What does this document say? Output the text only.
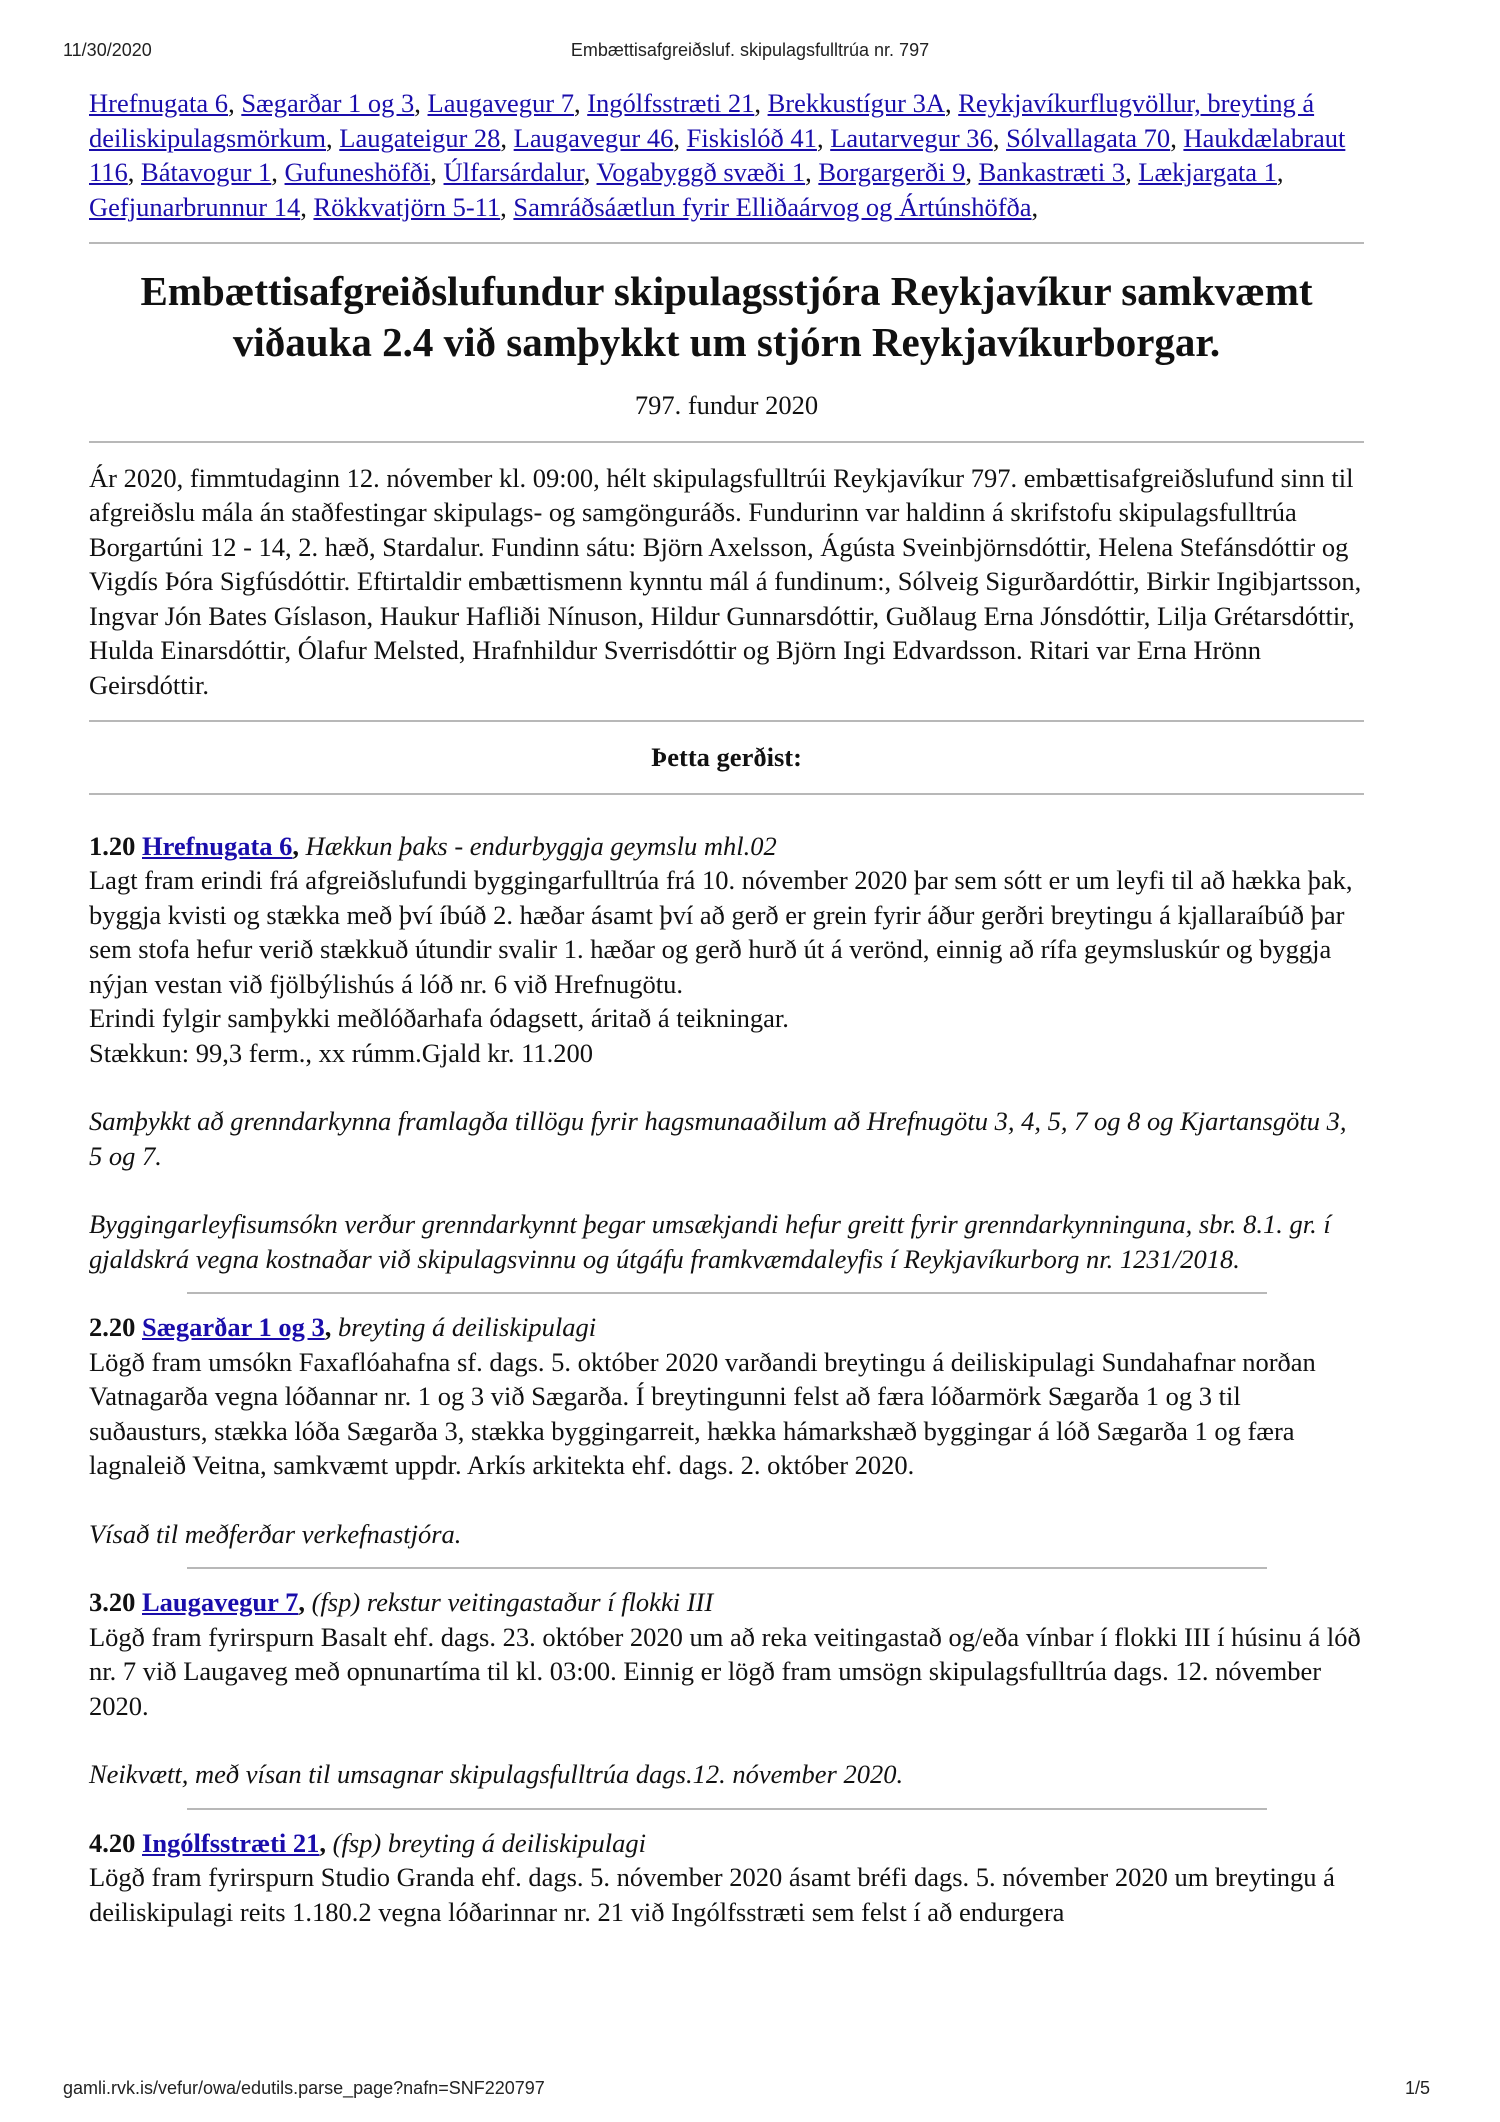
11/30/2020	Embættisafgreiðsluf. skipulagsfulltrúa nr. 797

Hrefnugata 6, Sægarðar 1 og 3, Laugavegur 7, Ingólfsstræti 21, Brekkustígur 3A, Reykjavíkurflugvöllur, breyting á deiliskipulagsmörkum, Laugateigur 28, Laugavegur 46, Fiskislóð 41, Lautarvegur 36, Sólvallagata 70, Haukdælabraut 116, Bátavogur 1, Gufuneshöfði, Úlfarsárdalur, Vogabyggð svæði 1, Borgargerði 9, Bankastræti 3, Lækjargata 1, Gefjunarbrunnur 14, Rökkvatjörn 5-11, Samráðsáætlun fyrir Elliðaárvog og Ártúnshöfða,

Embættisafgreiðslufundur skipulagsstjóra Reykjavíkur samkvæmt viðauka 2.4 við samþykkt um stjórn Reykjavíkurborgar.

797. fundur 2020

Ár 2020, fimmtudaginn 12. nóvember kl. 09:00, hélt skipulagsfulltrúi Reykjavíkur 797. embættisafgreiðslufund sinn til afgreiðslu mála án staðfestingar skipulags- og samgönguráðs. Fundurinn var haldinn á skrifstofu skipulagsfulltrúa Borgartúni 12 - 14, 2. hæð, Stardalur. Fundinn sátu: Björn Axelsson, Ágústa Sveinbjörnsdóttir, Helena Stefánsdóttir og Vigdís Þóra Sigfúsdóttir. Eftirtaldir embættismenn kynntu mál á fundinum:, Sólveig Sigurðardóttir, Birkir Ingibjartsson, Ingvar Jón Bates Gíslason, Haukur Hafliði Nínuson, Hildur Gunnarsdóttir, Guðlaug Erna Jónsdóttir, Lilja Grétarsdóttir, Hulda Einarsdóttir, Ólafur Melsted, Hrafnhildur Sverrisdóttir og Björn Ingi Edvardsson. Ritari var Erna Hrönn Geirsdóttir.

Þetta gerðist:

1.20 Hrefnugata 6, Hækkun þaks - endurbyggja geymslu mhl.02

Lagt fram erindi frá afgreiðslufundi byggingarfulltrúa frá 10. nóvember 2020 þar sem sótt er um leyfi til að hækka þak, byggja kvisti og stækka með því íbúð 2. hæðar ásamt því að gerð er grein fyrir áður gerðri breytingu á kjallaraíbúð þar sem stofa hefur verið stækkuð útundir svalir 1. hæðar og gerð hurð út á verönd, einnig að rífa geymsluskúr og byggja nýjan vestan við fjölbýlishús á lóð nr. 6 við Hrefnugötu.

Erindi fylgir samþykki meðlóðarhafa ódagsett, áritað á teikningar.

Stækkun: 99,3 ferm., xx rúmm.Gjald kr. 11.200

Samþykkt að grenndarkynna framlagða tillögu fyrir hagsmunaaðilum að Hrefnugötu 3, 4, 5, 7 og 8 og Kjartansgötu 3, 5 og 7.

Byggingarleyfisumsókn verður grenndarkynnt þegar umsækjandi hefur greitt fyrir grenndarkynninguna, sbr. 8.1. gr. í gjaldskrá vegna kostnaðar við skipulagsvinnu og útgáfu framkvæmdaleyfis í Reykjavíkurborg nr. 1231/2018.

2.20 Sægarðar 1 og 3, breyting á deiliskipulagi

Lögð fram umsókn Faxaflóahafna sf. dags. 5. október 2020 varðandi breytingu á deiliskipulagi Sundahafnar norðan Vatnagarða vegna lóðannar nr. 1 og 3 við Sægarða. Í breytingunni felst að færa lóðarmörk Sægarða 1 og 3 til suðausturs, stækka lóða Sægarða 3, stækka byggingarreit, hækka hámarkshæð byggingar á lóð Sægarða 1 og færa lagnaleið Veitna, samkvæmt uppdr. Arkís arkitekta ehf. dags. 2. október 2020.

Vísað til meðferðar verkefnastjóra.

3.20 Laugavegur 7, (fsp) rekstur veitingastaður í flokki III

Lögð fram fyrirspurn Basalt ehf. dags. 23. október 2020 um að reka veitingastað og/eða vínbar í flokki III í húsinu á lóð nr. 7 við Laugaveg með opnunartíma til kl. 03:00. Einnig er lögð fram umsögn skipulagsfulltrúa dags. 12. nóvember 2020.

Neikvætt, með vísan til umsagnar skipulagsfulltrúa dags.12. nóvember 2020.

4.20 Ingólfsstræti 21, (fsp) breyting á deiliskipulagi

Lögð fram fyrirspurn Studio Granda ehf. dags. 5. nóvember 2020 ásamt bréfi dags. 5. nóvember 2020 um breytingu á deiliskipulagi reits 1.180.2 vegna lóðarinnar nr. 21 við Ingólfsstræti sem felst í að endurgera

gamli.rvk.is/vefur/owa/edutils.parse_page?nafn=SNF220797	1/5
